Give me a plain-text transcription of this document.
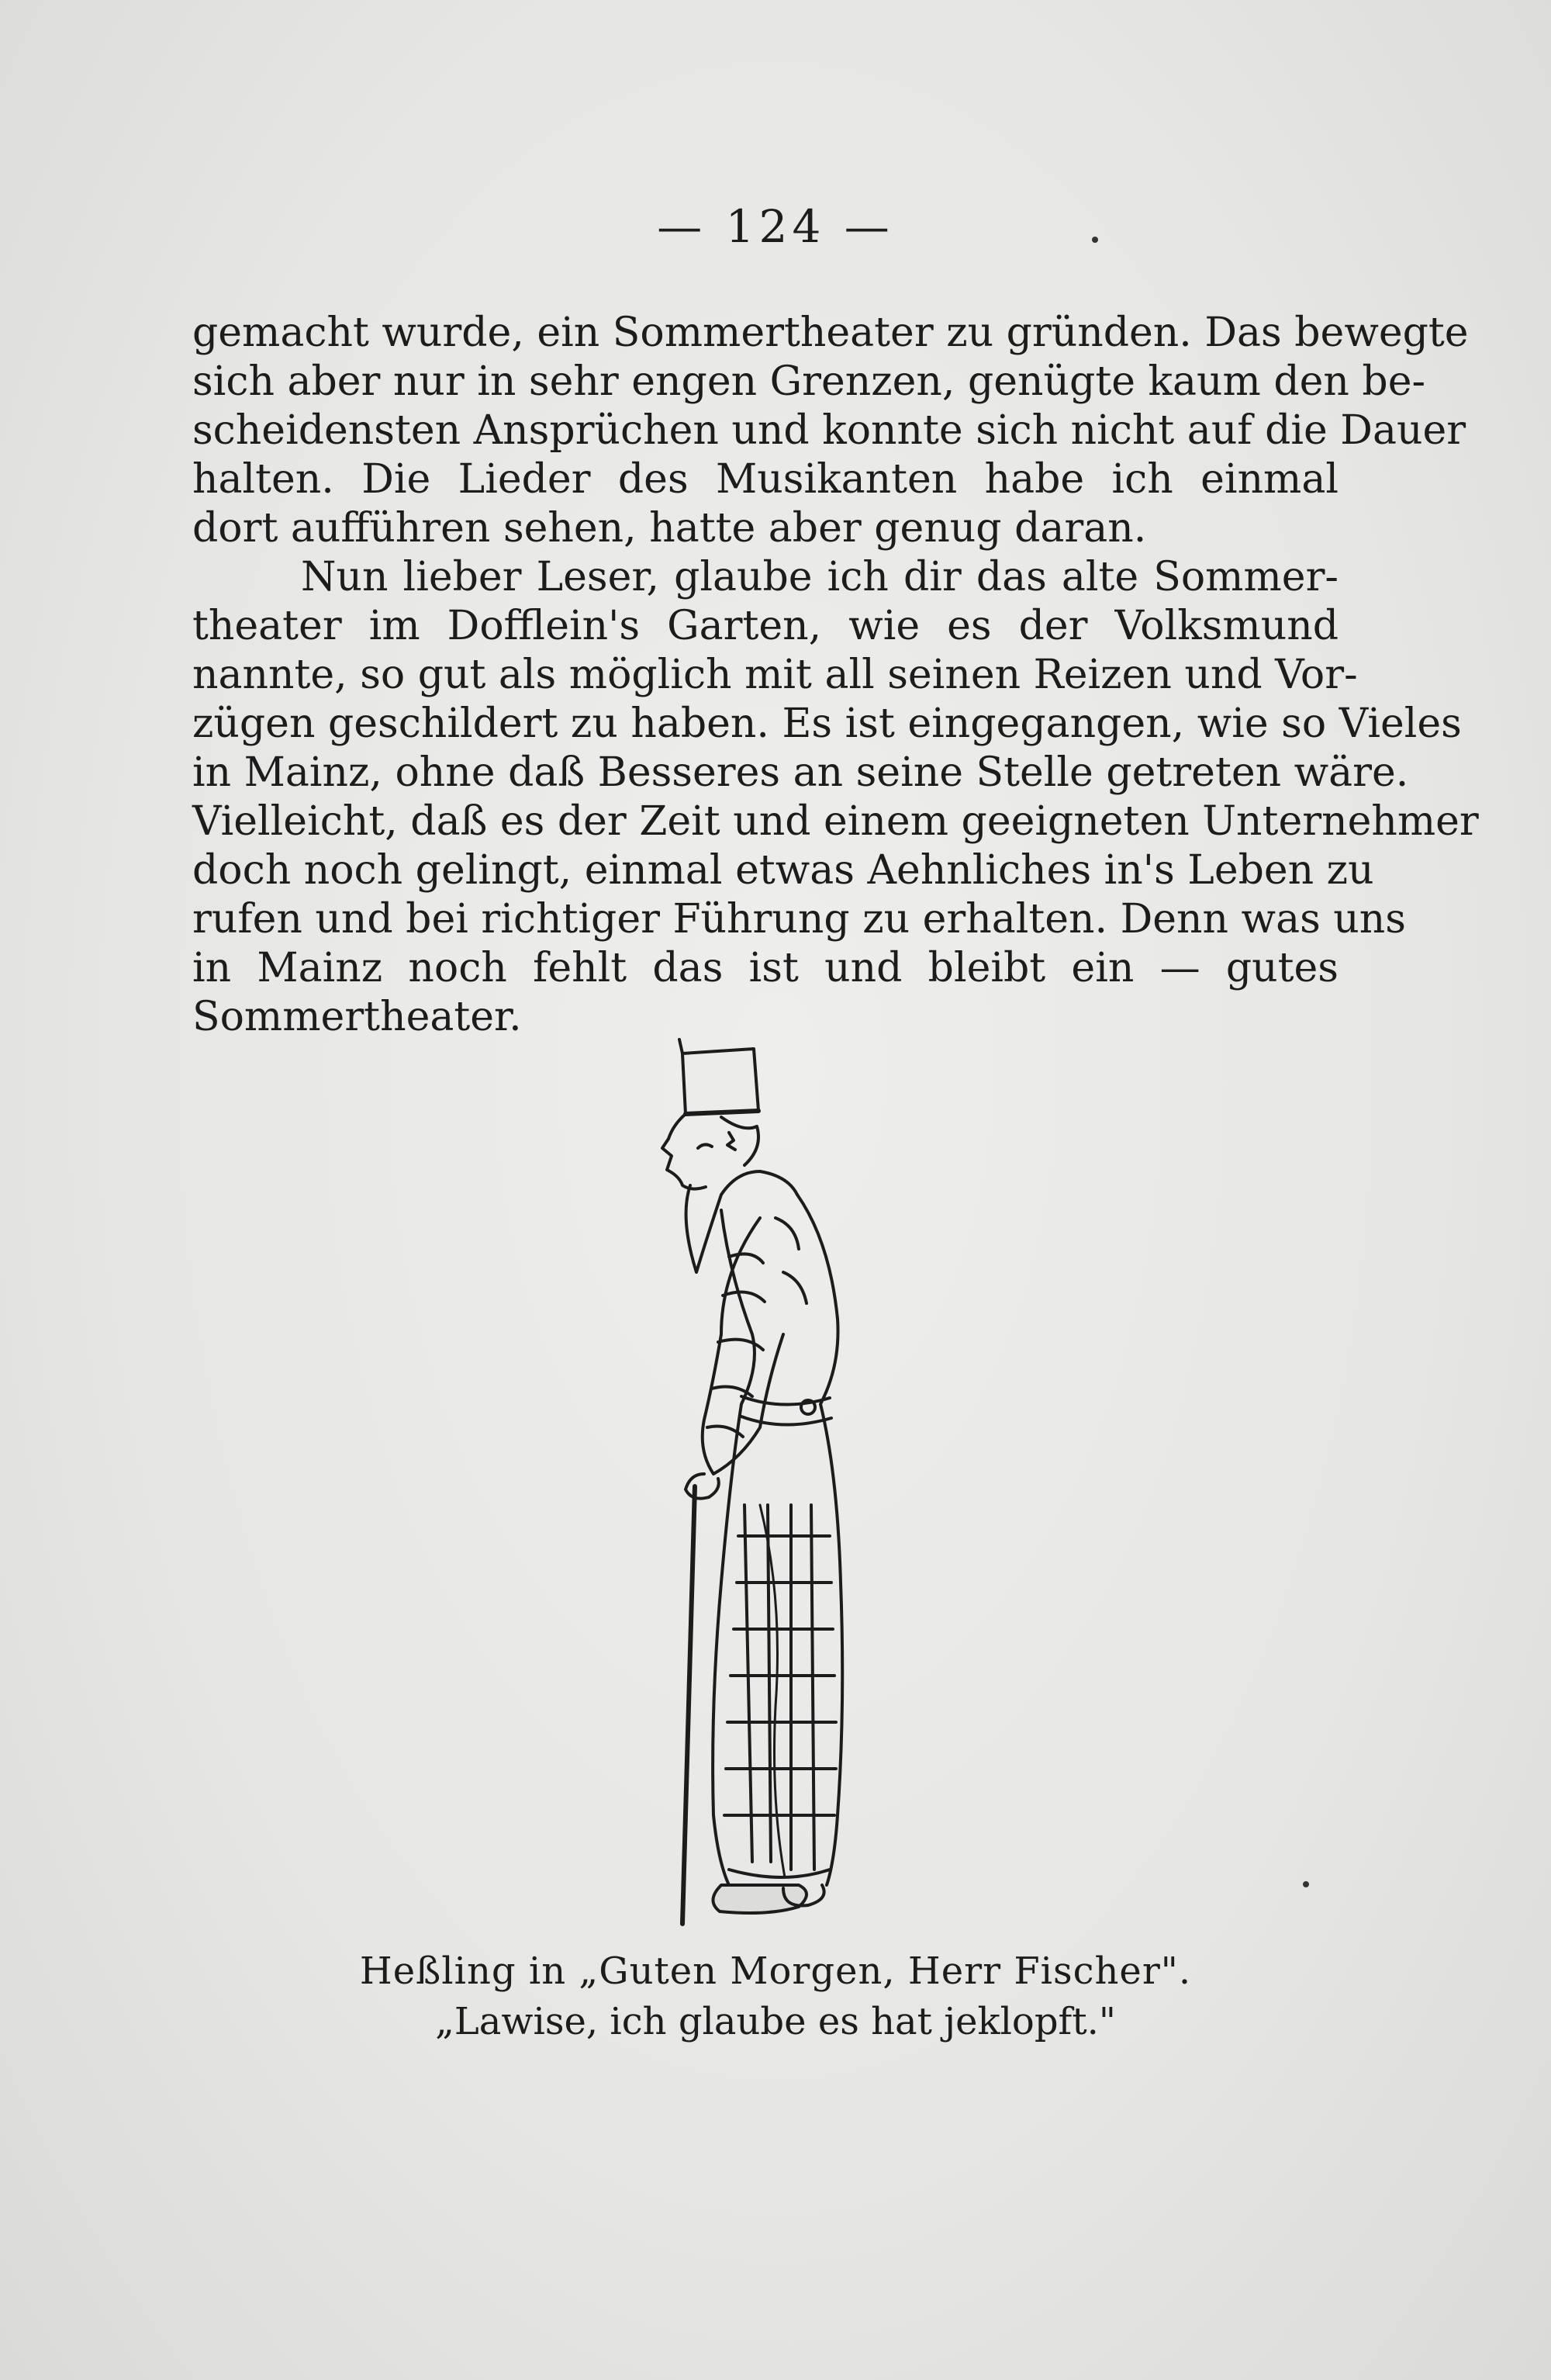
— 124 —
gemacht wurde, ein Sommertheater zu gründen. Das bewegte
sich aber nur in sehr engen Grenzen, genügte kaum den be-
scheidensten Ansprüchen und konnte sich nicht auf die Dauer
halten. Die Lieder des Musikanten habe ich einmal
dort aufführen sehen, hatte aber genug daran.
Nun lieber Leser, glaube ich dir das alte Sommer-
theater im Dofflein's Garten, wie es der Volksmund
nannte, so gut als möglich mit all seinen Reizen und Vor-
zügen geschildert zu haben. Es ist eingegangen, wie so Vieles
in Mainz, ohne daß Besseres an seine Stelle getreten wäre.
Vielleicht, daß es der Zeit und einem geeigneten Unternehmer
doch noch gelingt, einmal etwas Aehnliches in's Leben zu
rufen und bei richtiger Führung zu erhalten. Denn was uns
in Mainz noch fehlt das ist und bleibt ein — gutes
Sommertheater.
Heßling in „Guten Morgen, Herr Fischer".
„Lawise, ich glaube es hat jeklopft."
